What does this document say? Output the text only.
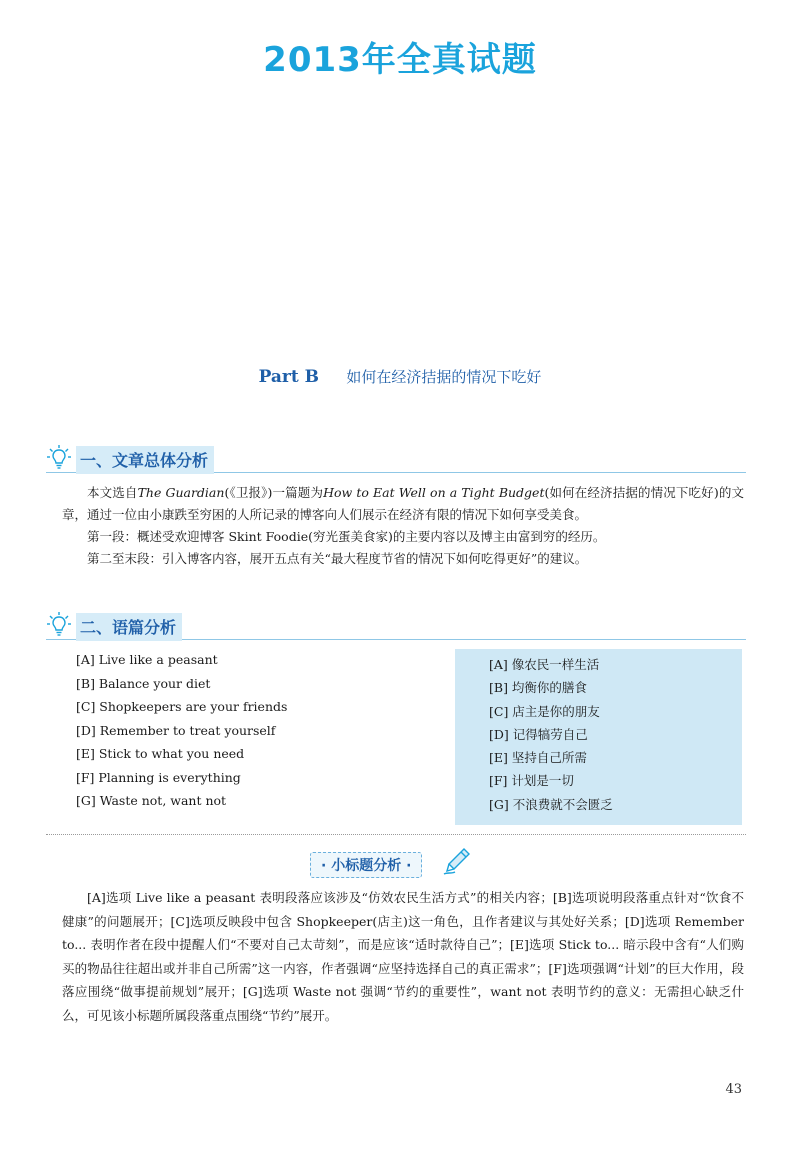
2013年全真试题
Part B 如何在经济拮据的情况下吃好
一、文章总体分析

本文选自The Guardian(《卫报》)一篇题为How to Eat Well on a Tight Budget(如何在经济拮据的情况下吃好)的文章，通过一位由小康跌至穷困的人所记录的博客向人们展示在经济有限的情况下如何享受美食。

第一段：概述受欢迎博客 Skint Foodie(穷光蛋美食家)的主要内容以及博主由富到穷的经历。

第二至末段：引入博客内容，展开五点有关“最大程度节省的情况下如何吃得更好”的建议。

二、语篇分析
[A] Live like a peasant
[B] Balance your diet
[C] Shopkeepers are your friends
[D] Remember to treat yourself
[E] Stick to what you need
[F] Planning is everything
[G] Waste not, want not
[A] 像农民一样生活
[B] 均衡你的膳食
[C] 店主是你的朋友
[D] 记得犒劳自己
[E] 坚持自己所需
[F] 计划是一切
[G] 不浪费就不会匮乏
· 小标题分析 ·

[A]选项 Live like a peasant 表明段落应该涉及“仿效农民生活方式”的相关内容；[B]选项说明段落重点针对“饮食不健康”的问题展开；[C]选项反映段中包含 Shopkeeper(店主)这一角色，且作者建议与其处好关系；[D]选项 Remember to... 表明作者在段中提醒人们“不要对自己太苛刻”，而是应该“适时款待自己”；[E]选项 Stick to... 暗示段中含有“人们购买的物品往往超出或并非自己所需”这一内容，作者强调“应坚持选择自己的真正需求”；[F]选项强调“计划”的巨大作用，段落应围绕“做事提前规划”展开；[G]选项 Waste not 强调“节约的重要性”，want not 表明节约的意义：无需担心缺乏什么，可见该小标题所属段落重点围绕“节约”展开。

43
